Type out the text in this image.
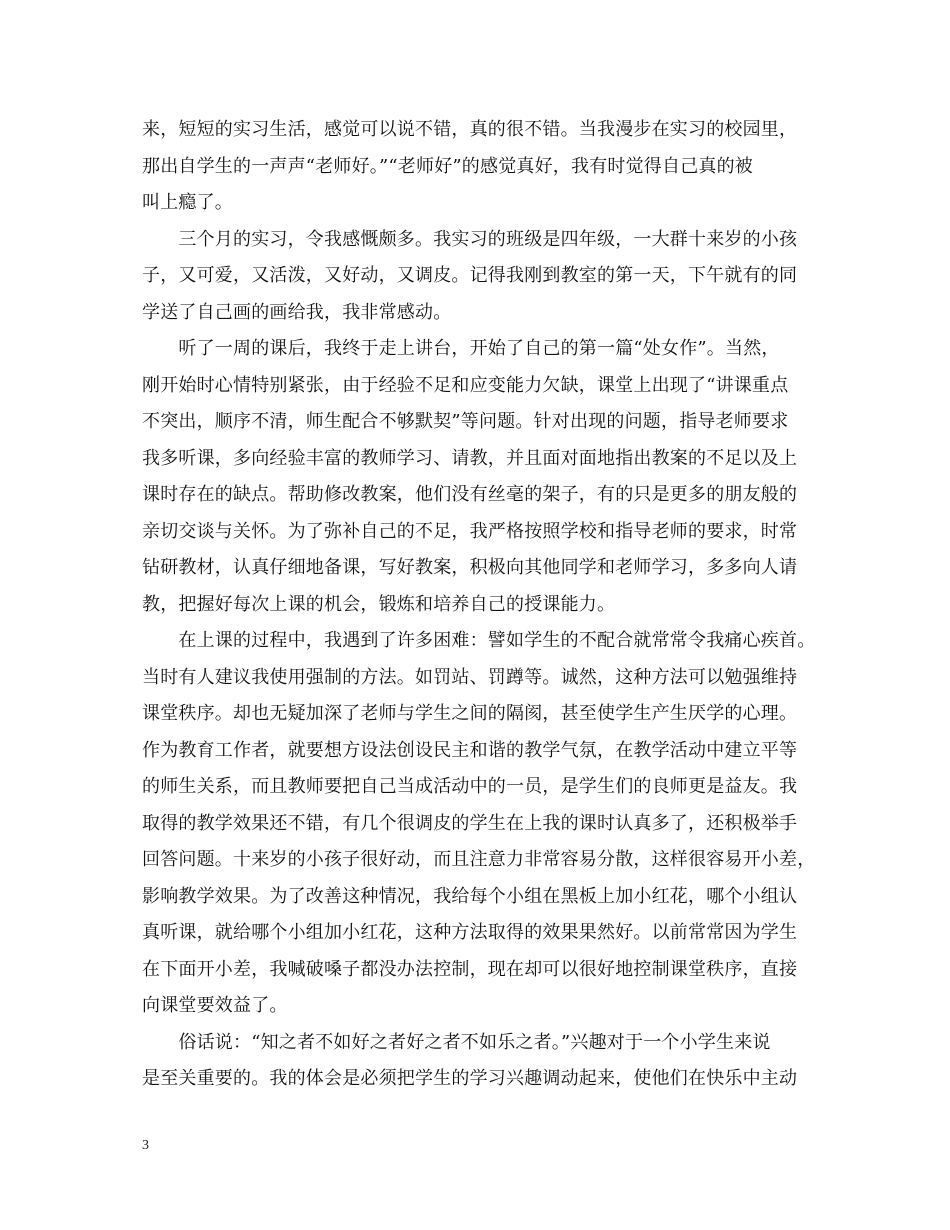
来，短短的实习生活，感觉可以说不错，真的很不错。当我漫步在实习的校园里，
那出自学生的一声声“老师好。”“老师好”的感觉真好，我有时觉得自己真的被
叫上瘾了。
　　三个月的实习，令我感慨颇多。我实习的班级是四年级，一大群十来岁的小孩
子，又可爱，又活泼，又好动，又调皮。记得我刚到教室的第一天，下午就有的同
学送了自己画的画给我，我非常感动。
　　听了一周的课后，我终于走上讲台，开始了自己的第一篇“处女作”。当然，
刚开始时心情特别紧张，由于经验不足和应变能力欠缺，课堂上出现了“讲课重点
不突出，顺序不清，师生配合不够默契”等问题。针对出现的问题，指导老师要求
我多听课，多向经验丰富的教师学习、请教，并且面对面地指出教案的不足以及上
课时存在的缺点。帮助修改教案，他们没有丝毫的架子，有的只是更多的朋友般的
亲切交谈与关怀。为了弥补自己的不足，我严格按照学校和指导老师的要求，时常
钻研教材，认真仔细地备课，写好教案，积极向其他同学和老师学习，多多向人请
教，把握好每次上课的机会，锻炼和培养自己的授课能力。
　　在上课的过程中，我遇到了许多困难：譬如学生的不配合就常常令我痛心疾首。
当时有人建议我使用强制的方法。如罚站、罚蹲等。诚然，这种方法可以勉强维持
课堂秩序。却也无疑加深了老师与学生之间的隔阂，甚至使学生产生厌学的心理。
作为教育工作者，就要想方设法创设民主和谐的教学气氛，在教学活动中建立平等
的师生关系，而且教师要把自己当成活动中的一员，是学生们的良师更是益友。我
取得的教学效果还不错，有几个很调皮的学生在上我的课时认真多了，还积极举手
回答问题。十来岁的小孩子很好动，而且注意力非常容易分散，这样很容易开小差，
影响教学效果。为了改善这种情况，我给每个小组在黑板上加小红花，哪个小组认
真听课，就给哪个小组加小红花，这种方法取得的效果果然好。以前常常因为学生
在下面开小差，我喊破嗓子都没办法控制，现在却可以很好地控制课堂秩序，直接
向课堂要效益了。
　　俗话说：“知之者不如好之者好之者不如乐之者。”兴趣对于一个小学生来说
是至关重要的。我的体会是必须把学生的学习兴趣调动起来，使他们在快乐中主动
3
